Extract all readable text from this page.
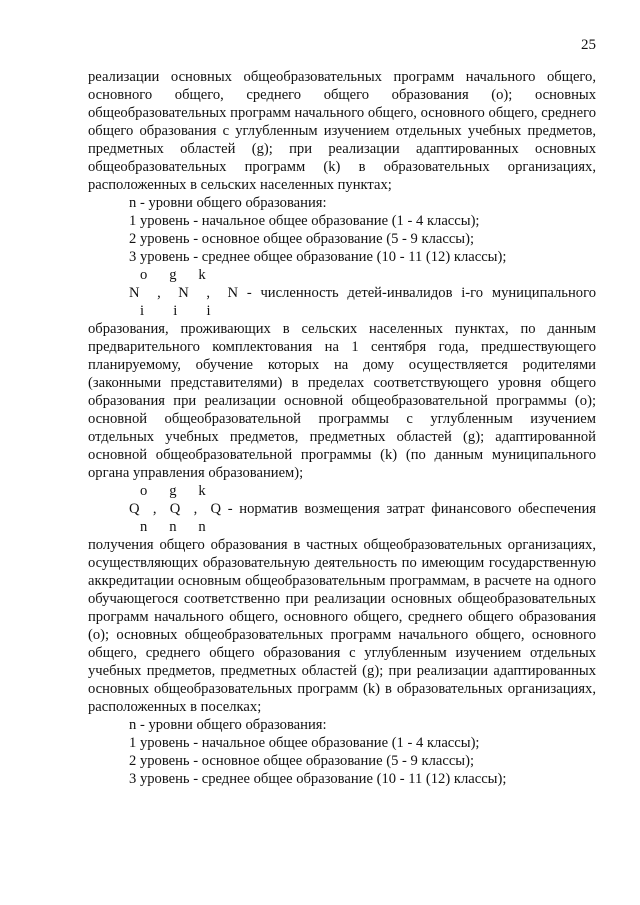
25

реализации основных общеобразовательных программ начального общего, основного общего, среднего общего образования (о); основных общеобразовательных программ начального общего, основного общего, среднего общего образования с углубленным изучением отдельных учебных предметов, предметных областей (g); при реализации адаптированных основных общеобразовательных программ (k) в образовательных организациях, расположенных в сельских населенных пунктах;

n - уровни общего образования:

1 уровень - начальное общее образование (1 - 4 классы);

2 уровень - основное общее образование (5 - 9 классы);

3 уровень - среднее общее образование (10 - 11 (12) классы);

o      g      k
N  ,  N  ,  N - численность детей-инвалидов i-го муниципального
i        i        i

образования, проживающих в сельских населенных пунктах, по данным предварительного комплектования на 1 сентября года, предшествующего планируемому, обучение которых на дому осуществляется родителями (законными представителями) в пределах соответствующего уровня общего образования при реализации основной общеобразовательной программы (о); основной общеобразовательной программы с углубленным изучением отдельных учебных предметов, предметных областей (g); адаптированной основной общеобразовательной программы (k) (по данным муниципального органа управления образованием);

o      g      k
Q  ,  Q  ,  Q - норматив возмещения затрат финансового обеспечения
n      n      n

получения общего образования в частных общеобразовательных организациях, осуществляющих образовательную деятельность по имеющим государственную аккредитации основным общеобразовательным программам, в расчете на одного обучающегося соответственно при реализации основных общеобразовательных программ начального общего, основного общего, среднего общего образования (о); основных общеобразовательных программ начального общего, основного общего, среднего общего образования с углубленным изучением отдельных учебных предметов, предметных областей (g); при реализации адаптированных основных общеобразовательных программ (k) в образовательных организациях, расположенных в поселках;

n - уровни общего образования:

1 уровень - начальное общее образование (1 - 4 классы);

2 уровень - основное общее образование (5 - 9 классы);

3 уровень - среднее общее образование (10 - 11 (12) классы);
